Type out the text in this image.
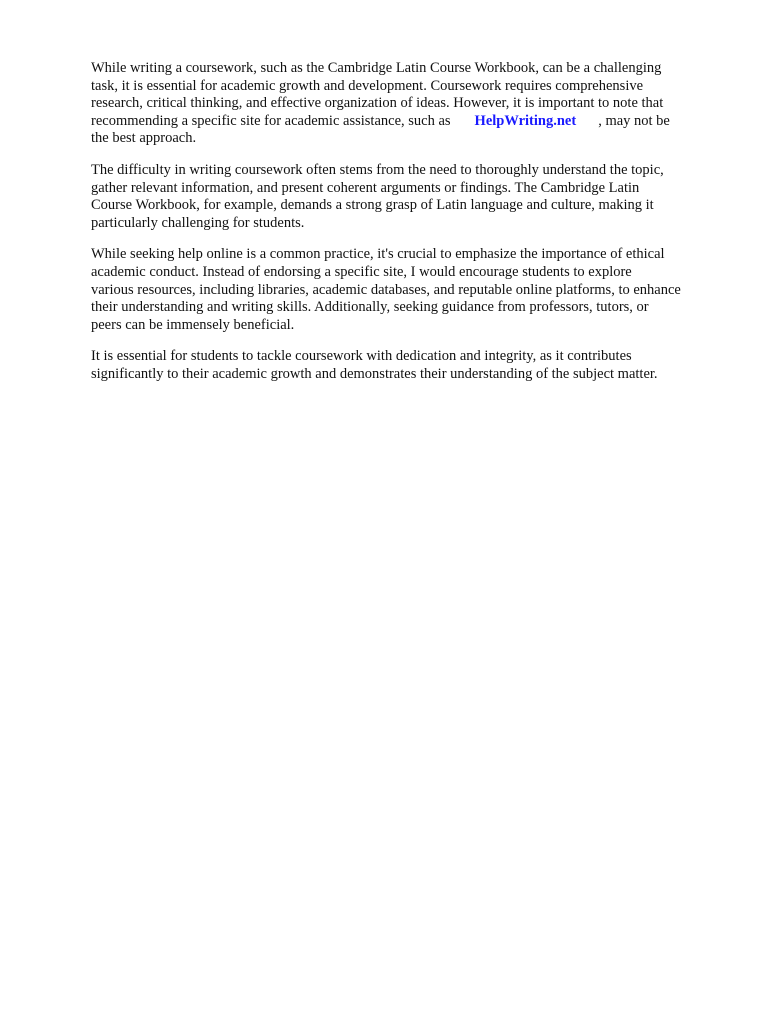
While writing a coursework, such as the Cambridge Latin Course Workbook, can be a challenging
task, it is essential for academic growth and development. Coursework requires comprehensive
research, critical thinking, and effective organization of ideas. However, it is important to note that
recommending a specific site for academic assistance, such as HelpWriting.net , may not be
the best approach.

The difficulty in writing coursework often stems from the need to thoroughly understand the topic,
gather relevant information, and present coherent arguments or findings. The Cambridge Latin
Course Workbook, for example, demands a strong grasp of Latin language and culture, making it
particularly challenging for students.

While seeking help online is a common practice, it's crucial to emphasize the importance of ethical
academic conduct. Instead of endorsing a specific site, I would encourage students to explore
various resources, including libraries, academic databases, and reputable online platforms, to enhance
their understanding and writing skills. Additionally, seeking guidance from professors, tutors, or
peers can be immensely beneficial.

It is essential for students to tackle coursework with dedication and integrity, as it contributes
significantly to their academic growth and demonstrates their understanding of the subject matter.
